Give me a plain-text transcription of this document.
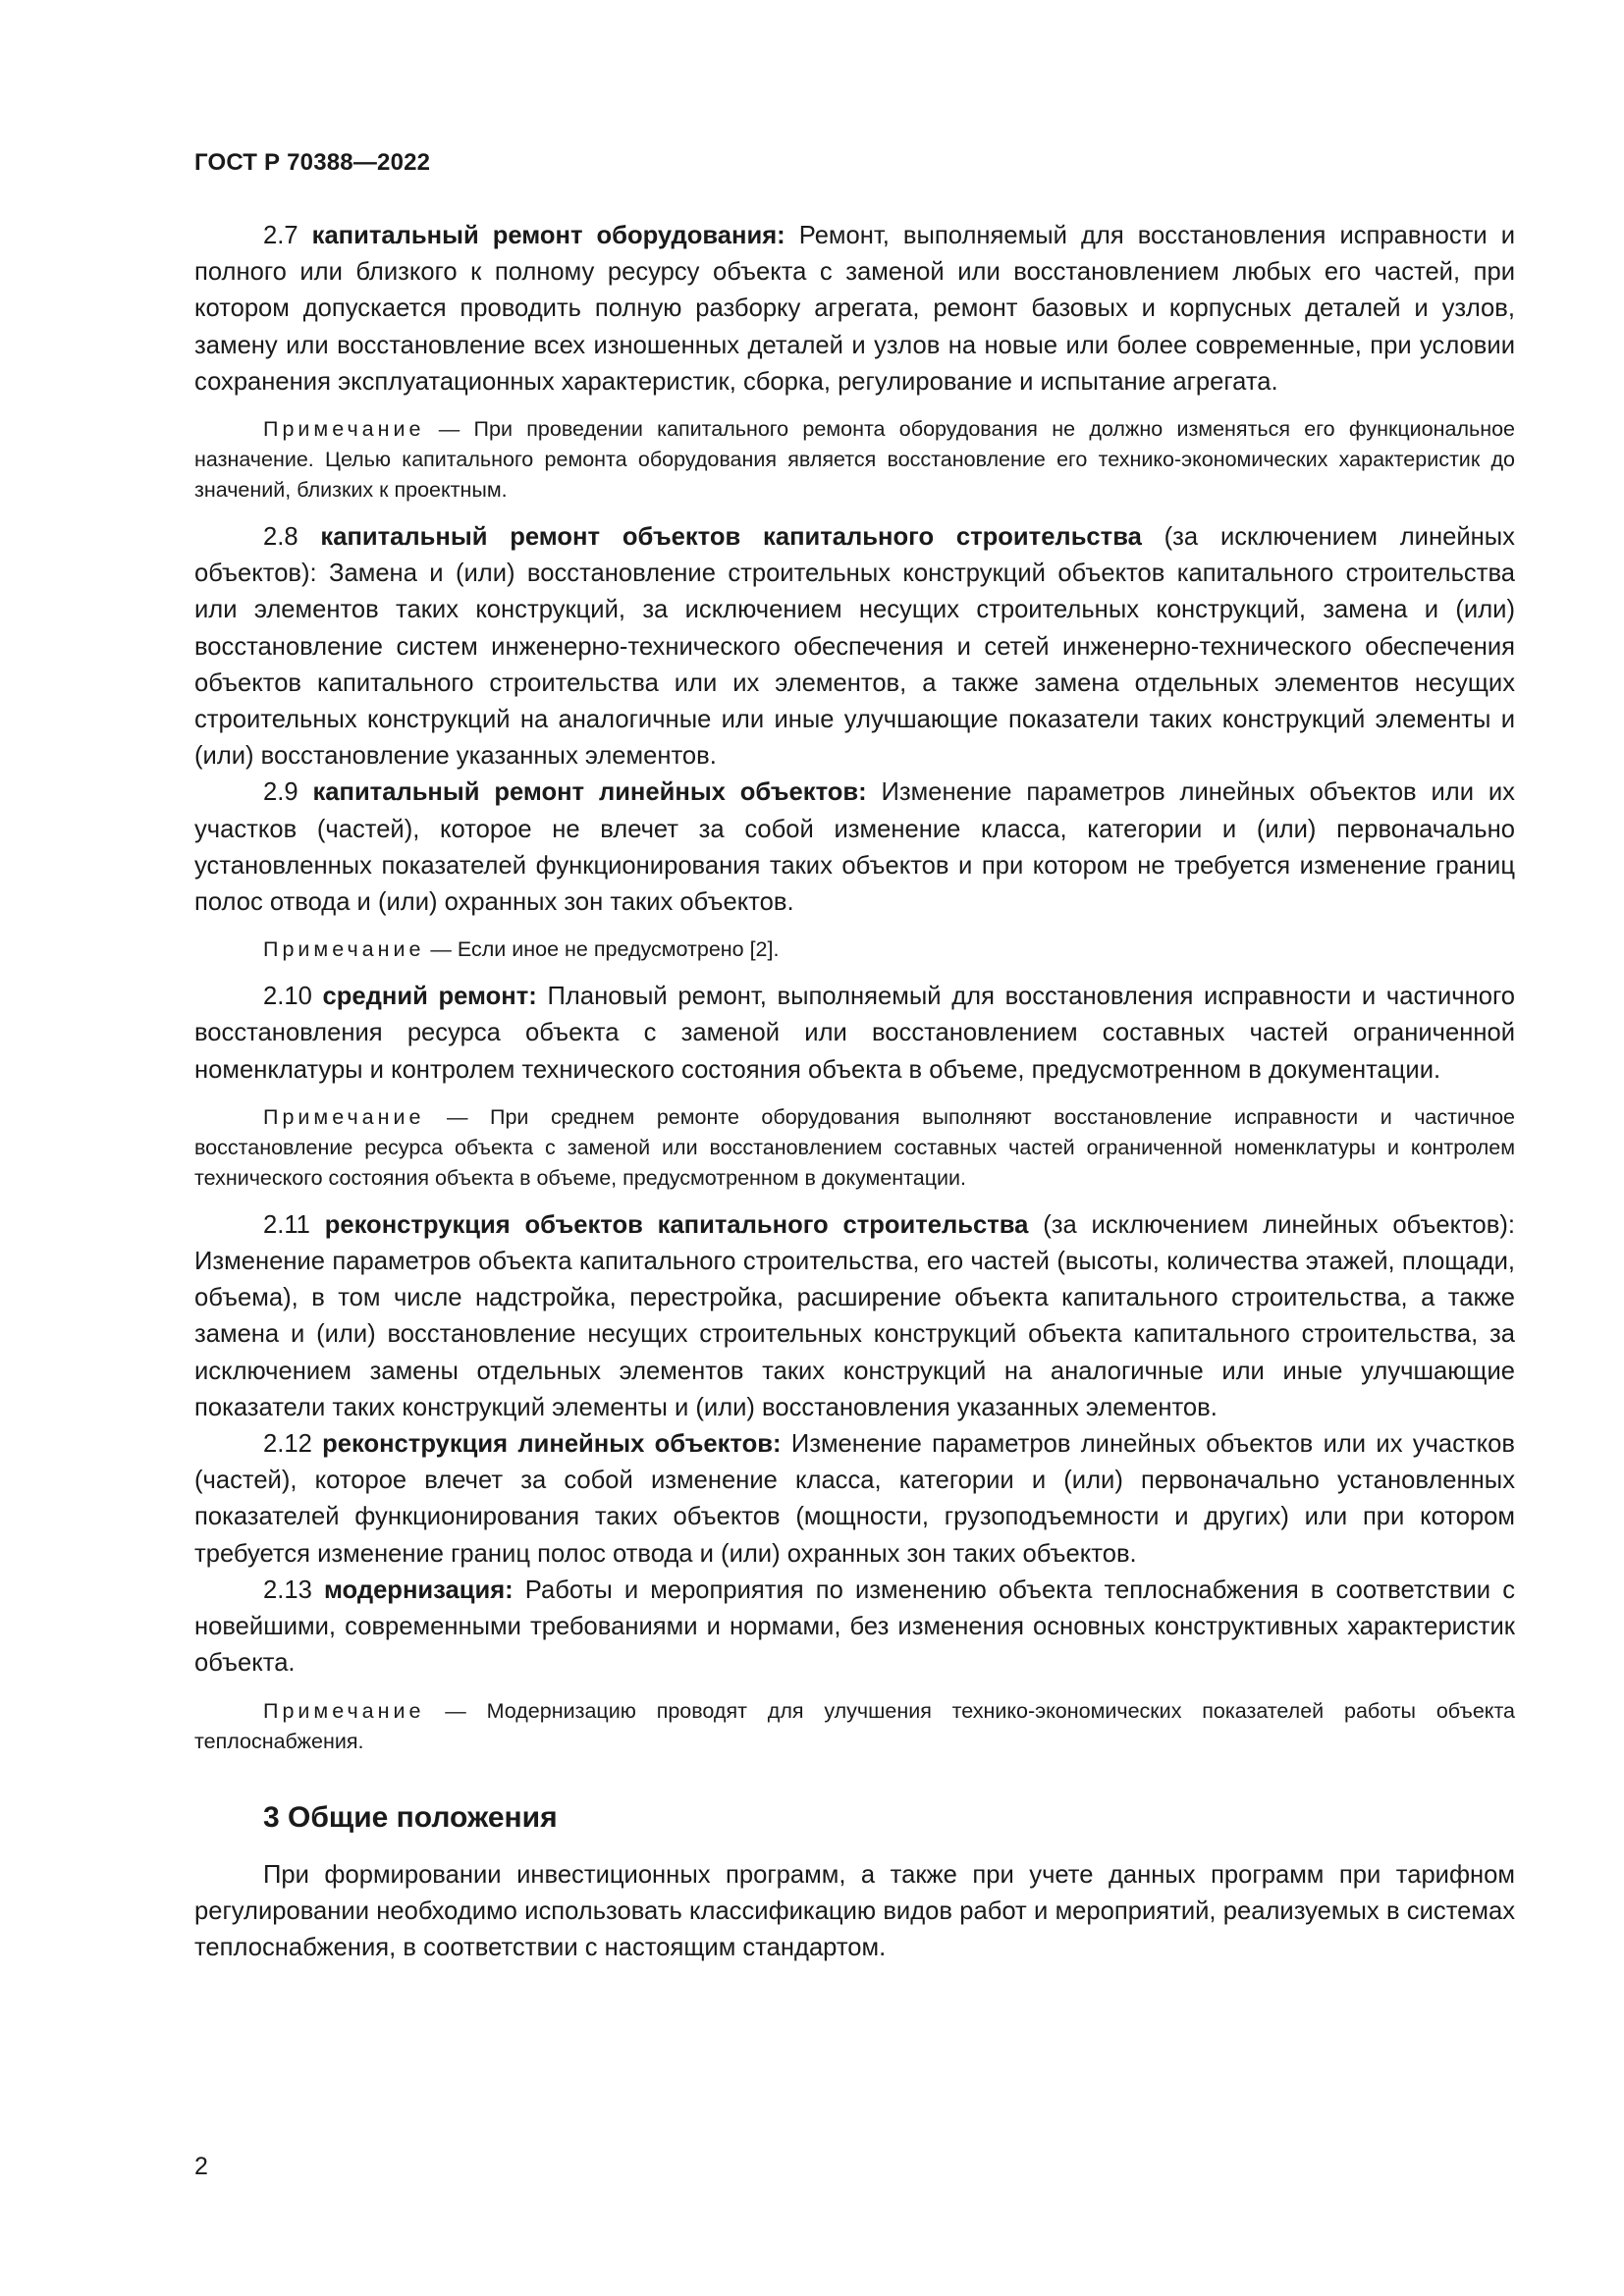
ГОСТ Р 70388—2022

2.7 капитальный ремонт оборудования: Ремонт, выполняемый для восстановления исправности и полного или близкого к полному ресурсу объекта с заменой или восстановлением любых его частей, при котором допускается проводить полную разборку агрегата, ремонт базовых и корпусных деталей и узлов, замену или восстановление всех изношенных деталей и узлов на новые или более современные, при условии сохранения эксплуатационных характеристик, сборка, регулирование и испытание агрегата.

Примечание — При проведении капитального ремонта оборудования не должно изменяться его функциональное назначение. Целью капитального ремонта оборудования является восстановление его технико-экономических характеристик до значений, близких к проектным.

2.8 капитальный ремонт объектов капитального строительства (за исключением линейных объектов): Замена и (или) восстановление строительных конструкций объектов капитального строительства или элементов таких конструкций, за исключением несущих строительных конструкций, замена и (или) восстановление систем инженерно-технического обеспечения и сетей инженерно-технического обеспечения объектов капитального строительства или их элементов, а также замена отдельных элементов несущих строительных конструкций на аналогичные или иные улучшающие показатели таких конструкций элементы и (или) восстановление указанных элементов.

2.9 капитальный ремонт линейных объектов: Изменение параметров линейных объектов или их участков (частей), которое не влечет за собой изменение класса, категории и (или) первоначально установленных показателей функционирования таких объектов и при котором не требуется изменение границ полос отвода и (или) охранных зон таких объектов.

Примечание — Если иное не предусмотрено [2].

2.10 средний ремонт: Плановый ремонт, выполняемый для восстановления исправности и частичного восстановления ресурса объекта с заменой или восстановлением составных частей ограниченной номенклатуры и контролем технического состояния объекта в объеме, предусмотренном в документации.

Примечание — При среднем ремонте оборудования выполняют восстановление исправности и частичное восстановление ресурса объекта с заменой или восстановлением составных частей ограниченной номенклатуры и контролем технического состояния объекта в объеме, предусмотренном в документации.

2.11 реконструкция объектов капитального строительства (за исключением линейных объектов): Изменение параметров объекта капитального строительства, его частей (высоты, количества этажей, площади, объема), в том числе надстройка, перестройка, расширение объекта капитального строительства, а также замена и (или) восстановление несущих строительных конструкций объекта капитального строительства, за исключением замены отдельных элементов таких конструкций на аналогичные или иные улучшающие показатели таких конструкций элементы и (или) восстановления указанных элементов.

2.12 реконструкция линейных объектов: Изменение параметров линейных объектов или их участков (частей), которое влечет за собой изменение класса, категории и (или) первоначально установленных показателей функционирования таких объектов (мощности, грузоподъемности и других) или при котором требуется изменение границ полос отвода и (или) охранных зон таких объектов.

2.13 модернизация: Работы и мероприятия по изменению объекта теплоснабжения в соответствии с новейшими, современными требованиями и нормами, без изменения основных конструктивных характеристик объекта.

Примечание — Модернизацию проводят для улучшения технико-экономических показателей работы объекта теплоснабжения.

3 Общие положения

При формировании инвестиционных программ, а также при учете данных программ при тарифном регулировании необходимо использовать классификацию видов работ и мероприятий, реализуемых в системах теплоснабжения, в соответствии с настоящим стандартом.

2
